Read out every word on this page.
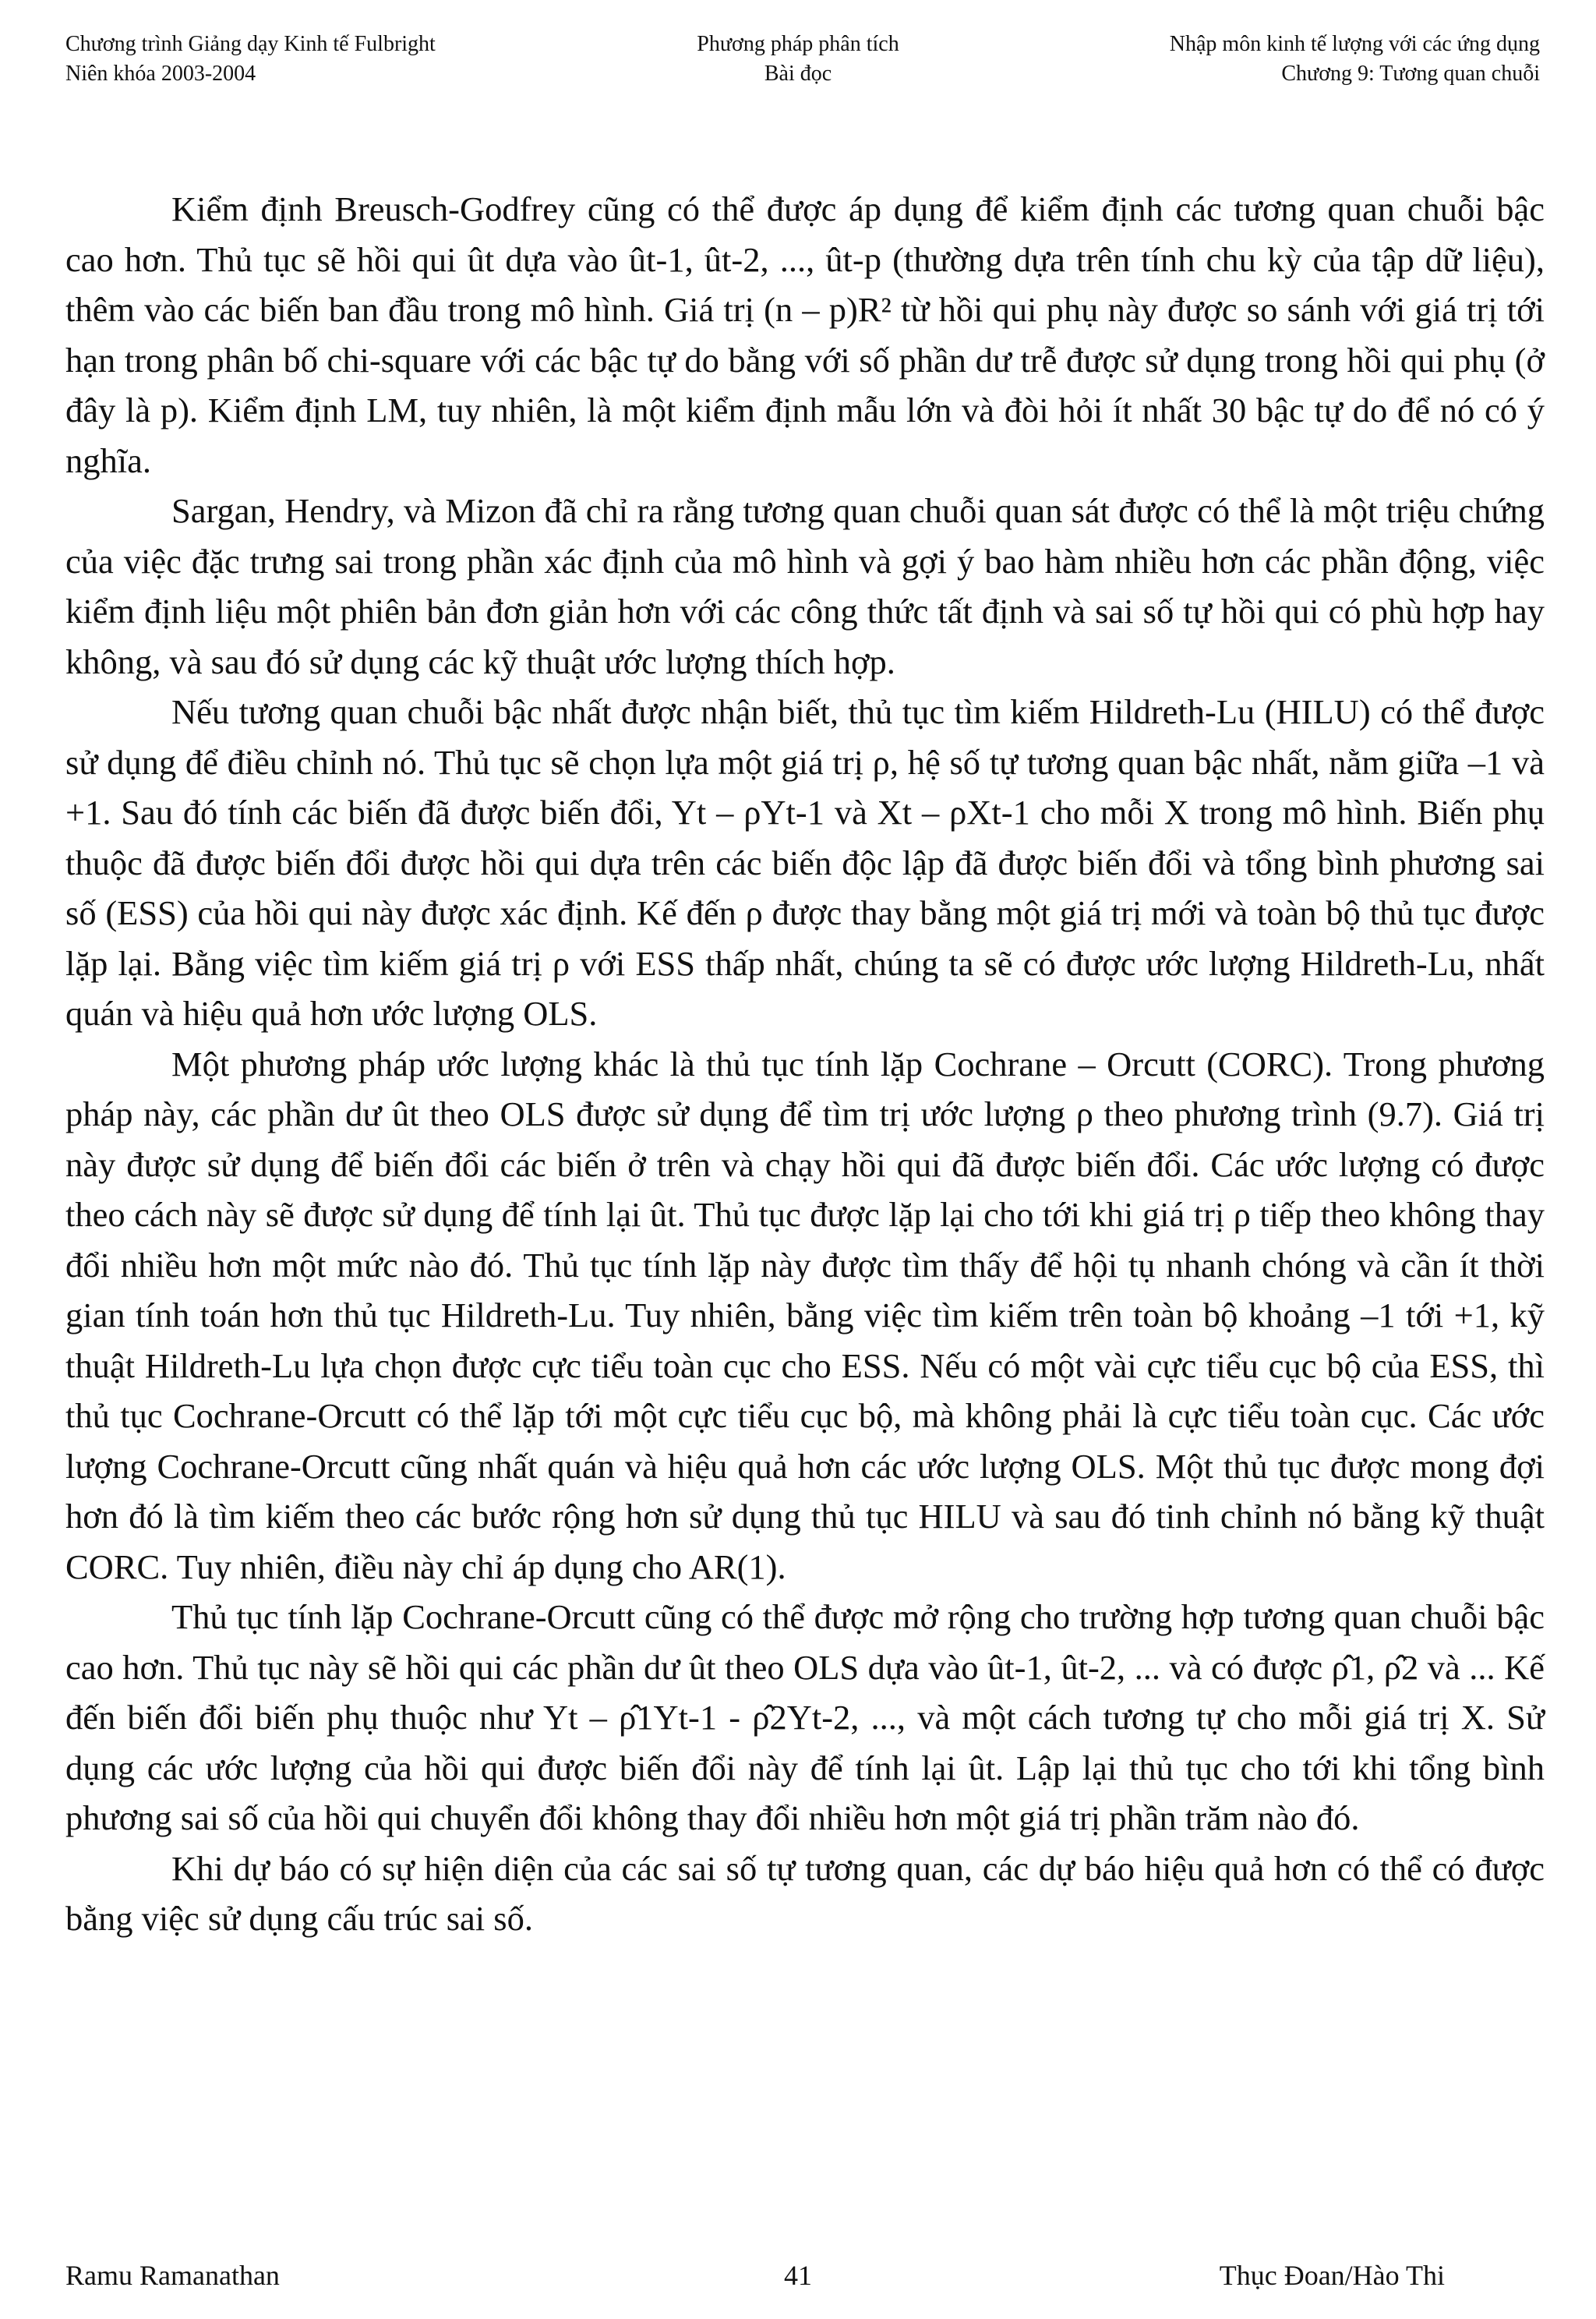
Chương trình Giảng dạy Kinh tế Fulbright
Niên khóa 2003-2004
Phương pháp phân tích
Bài đọc
Nhập môn kinh tế lượng với các ứng dụng
Chương 9: Tương quan chuỗi

Kiểm định Breusch-Godfrey cũng có thể được áp dụng để kiểm định các tương quan chuỗi bậc cao hơn. Thủ tục sẽ hồi qui ût dựa vào ût-1, ût-2, ..., ût-p (thường dựa trên tính chu kỳ của tập dữ liệu), thêm vào các biến ban đầu trong mô hình. Giá trị (n – p)R² từ hồi qui phụ này được so sánh với giá trị tới hạn trong phân bố chi-square với các bậc tự do bằng với số phần dư trễ được sử dụng trong hồi qui phụ (ở đây là p). Kiểm định LM, tuy nhiên, là một kiểm định mẫu lớn và đòi hỏi ít nhất 30 bậc tự do để nó có ý nghĩa.

Sargan, Hendry, và Mizon đã chỉ ra rằng tương quan chuỗi quan sát được có thể là một triệu chứng của việc đặc trưng sai trong phần xác định của mô hình và gợi ý bao hàm nhiều hơn các phần động, việc kiểm định liệu một phiên bản đơn giản hơn với các công thức tất định và sai số tự hồi qui có phù hợp hay không, và sau đó sử dụng các kỹ thuật ước lượng thích hợp.

Nếu tương quan chuỗi bậc nhất được nhận biết, thủ tục tìm kiếm Hildreth-Lu (HILU) có thể được sử dụng để điều chỉnh nó. Thủ tục sẽ chọn lựa một giá trị ρ, hệ số tự tương quan bậc nhất, nằm giữa –1 và +1. Sau đó tính các biến đã được biến đổi, Yt – ρYt-1 và Xt – ρXt-1 cho mỗi X trong mô hình. Biến phụ thuộc đã được biến đổi được hồi qui dựa trên các biến độc lập đã được biến đổi và tổng bình phương sai số (ESS) của hồi qui này được xác định. Kế đến ρ được thay bằng một giá trị mới và toàn bộ thủ tục được lặp lại. Bằng việc tìm kiếm giá trị ρ với ESS thấp nhất, chúng ta sẽ có được ước lượng Hildreth-Lu, nhất quán và hiệu quả hơn ước lượng OLS.

Một phương pháp ước lượng khác là thủ tục tính lặp Cochrane – Orcutt (CORC). Trong phương pháp này, các phần dư ût theo OLS được sử dụng để tìm trị ước lượng ρ theo phương trình (9.7). Giá trị này được sử dụng để biến đổi các biến ở trên và chạy hồi qui đã được biến đổi. Các ước lượng có được theo cách này sẽ được sử dụng để tính lại ût. Thủ tục được lặp lại cho tới khi giá trị ρ tiếp theo không thay đổi nhiều hơn một mức nào đó. Thủ tục tính lặp này được tìm thấy để hội tụ nhanh chóng và cần ít thời gian tính toán hơn thủ tục Hildreth-Lu. Tuy nhiên, bằng việc tìm kiếm trên toàn bộ khoảng –1 tới +1, kỹ thuật Hildreth-Lu lựa chọn được cực tiểu toàn cục cho ESS. Nếu có một vài cực tiểu cục bộ của ESS, thì thủ tục Cochrane-Orcutt có thể lặp tới một cực tiểu cục bộ, mà không phải là cực tiểu toàn cục. Các ước lượng Cochrane-Orcutt cũng nhất quán và hiệu quả hơn các ước lượng OLS. Một thủ tục được mong đợi hơn đó là tìm kiếm theo các bước rộng hơn sử dụng thủ tục HILU và sau đó tinh chỉnh nó bằng kỹ thuật CORC. Tuy nhiên, điều này chỉ áp dụng cho AR(1).

Thủ tục tính lặp Cochrane-Orcutt cũng có thể được mở rộng cho trường hợp tương quan chuỗi bậc cao hơn. Thủ tục này sẽ hồi qui các phần dư ût theo OLS dựa vào ût-1, ût-2, ... và có được ρ̂1, ρ̂2 và ... Kế đến biến đổi biến phụ thuộc như Yt – ρ̂1Yt-1 - ρ̂2Yt-2, ..., và một cách tương tự cho mỗi giá trị X. Sử dụng các ước lượng của hồi qui được biến đổi này để tính lại ût. Lập lại thủ tục cho tới khi tổng bình phương sai số của hồi qui chuyển đổi không thay đổi nhiều hơn một giá trị phần trăm nào đó.

Khi dự báo có sự hiện diện của các sai số tự tương quan, các dự báo hiệu quả hơn có thể có được bằng việc sử dụng cấu trúc sai số.

Ramu Ramanathan	41	Thục Đoan/Hào Thi
